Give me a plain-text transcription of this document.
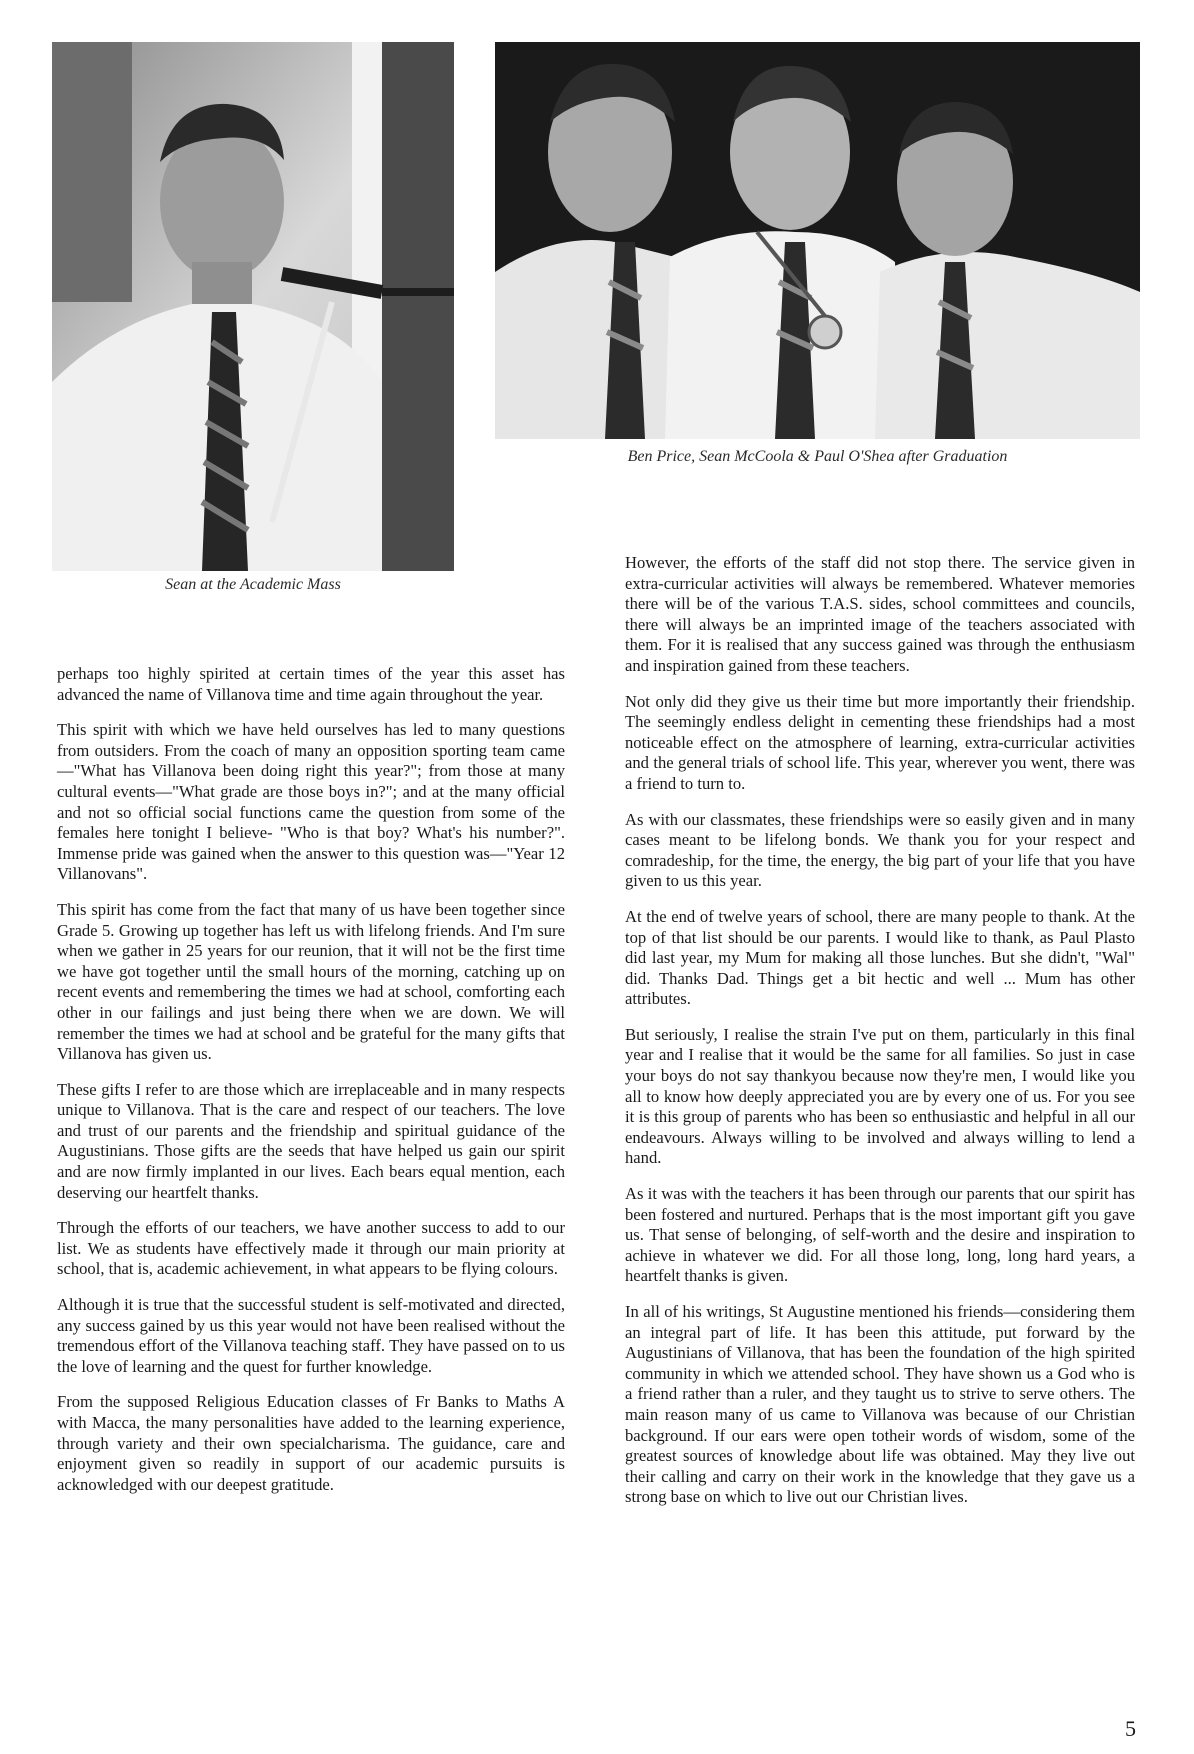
Sean at the Academic Mass
Ben Price, Sean McCoola & Paul O'Shea after Graduation

perhaps too highly spirited at certain times of the year this asset has advanced the name of Villanova time and time again throughout the year.

This spirit with which we have held ourselves has led to many questions from outsiders. From the coach of many an opposition sporting team came—"What has Villanova been doing right this year?"; from those at many cultural events—"What grade are those boys in?"; and at the many official and not so official social functions came the question from some of the females here tonight I believe- "Who is that boy? What's his number?". Immense pride was gained when the answer to this question was—"Year 12 Villanovans".

This spirit has come from the fact that many of us have been together since Grade 5. Growing up together has left us with lifelong friends. And I'm sure when we gather in 25 years for our reunion, that it will not be the first time we have got together until the small hours of the morning, catching up on recent events and remembering the times we had at school, comforting each other in our failings and just being there when we are down. We will remember the times we had at school and be grateful for the many gifts that Villanova has given us.

These gifts I refer to are those which are irreplaceable and in many respects unique to Villanova. That is the care and respect of our teachers. The love and trust of our parents and the friendship and spiritual guidance of the Augustinians. Those gifts are the seeds that have helped us gain our spirit and are now firmly implanted in our lives. Each bears equal mention, each deserving our heartfelt thanks.

Through the efforts of our teachers, we have another success to add to our list. We as students have effectively made it through our main priority at school, that is, academic achievement, in what appears to be flying colours.

Although it is true that the successful student is self-motivated and directed, any success gained by us this year would not have been realised without the tremendous effort of the Villanova teaching staff. They have passed on to us the love of learning and the quest for further knowledge.

From the supposed Religious Education classes of Fr Banks to Maths A with Macca, the many personalities have added to the learning experience, through variety and their own specialcharisma. The guidance, care and enjoyment given so readily in support of our academic pursuits is acknowledged with our deepest gratitude.

However, the efforts of the staff did not stop there. The service given in extra-curricular activities will always be remembered. Whatever memories there will be of the various T.A.S. sides, school committees and councils, there will always be an imprinted image of the teachers associated with them. For it is realised that any success gained was through the enthusiasm and inspiration gained from these teachers.

Not only did they give us their time but more importantly their friendship. The seemingly endless delight in cementing these friendships had a most noticeable effect on the atmosphere of learning, extra-curricular activities and the general trials of school life. This year, wherever you went, there was a friend to turn to.

As with our classmates, these friendships were so easily given and in many cases meant to be lifelong bonds. We thank you for your respect and comradeship, for the time, the energy, the big part of your life that you have given to us this year.

At the end of twelve years of school, there are many people to thank. At the top of that list should be our parents. I would like to thank, as Paul Plasto did last year, my Mum for making all those lunches. But she didn't, "Wal" did. Thanks Dad. Things get a bit hectic and well ... Mum has other attributes.

But seriously, I realise the strain I've put on them, particularly in this final year and I realise that it would be the same for all families. So just in case your boys do not say thankyou because now they're men, I would like you all to know how deeply appreciated you are by every one of us. For you see it is this group of parents who has been so enthusiastic and helpful in all our endeavours. Always willing to be involved and always willing to lend a hand.

As it was with the teachers it has been through our parents that our spirit has been fostered and nurtured. Perhaps that is the most important gift you gave us. That sense of belonging, of self-worth and the desire and inspiration to achieve in whatever we did. For all those long, long, long hard years, a heartfelt thanks is given.

In all of his writings, St Augustine mentioned his friends—considering them an integral part of life. It has been this attitude, put forward by the Augustinians of Villanova, that has been the foundation of the high spirited community in which we attended school. They have shown us a God who is a friend rather than a ruler, and they taught us to strive to serve others. The main reason many of us came to Villanova was because of our Christian background. If our ears were open totheir words of wisdom, some of the greatest sources of knowledge about life was obtained. May they live out their calling and carry on their work in the knowledge that they gave us a strong base on which to live out our Christian lives.

5
